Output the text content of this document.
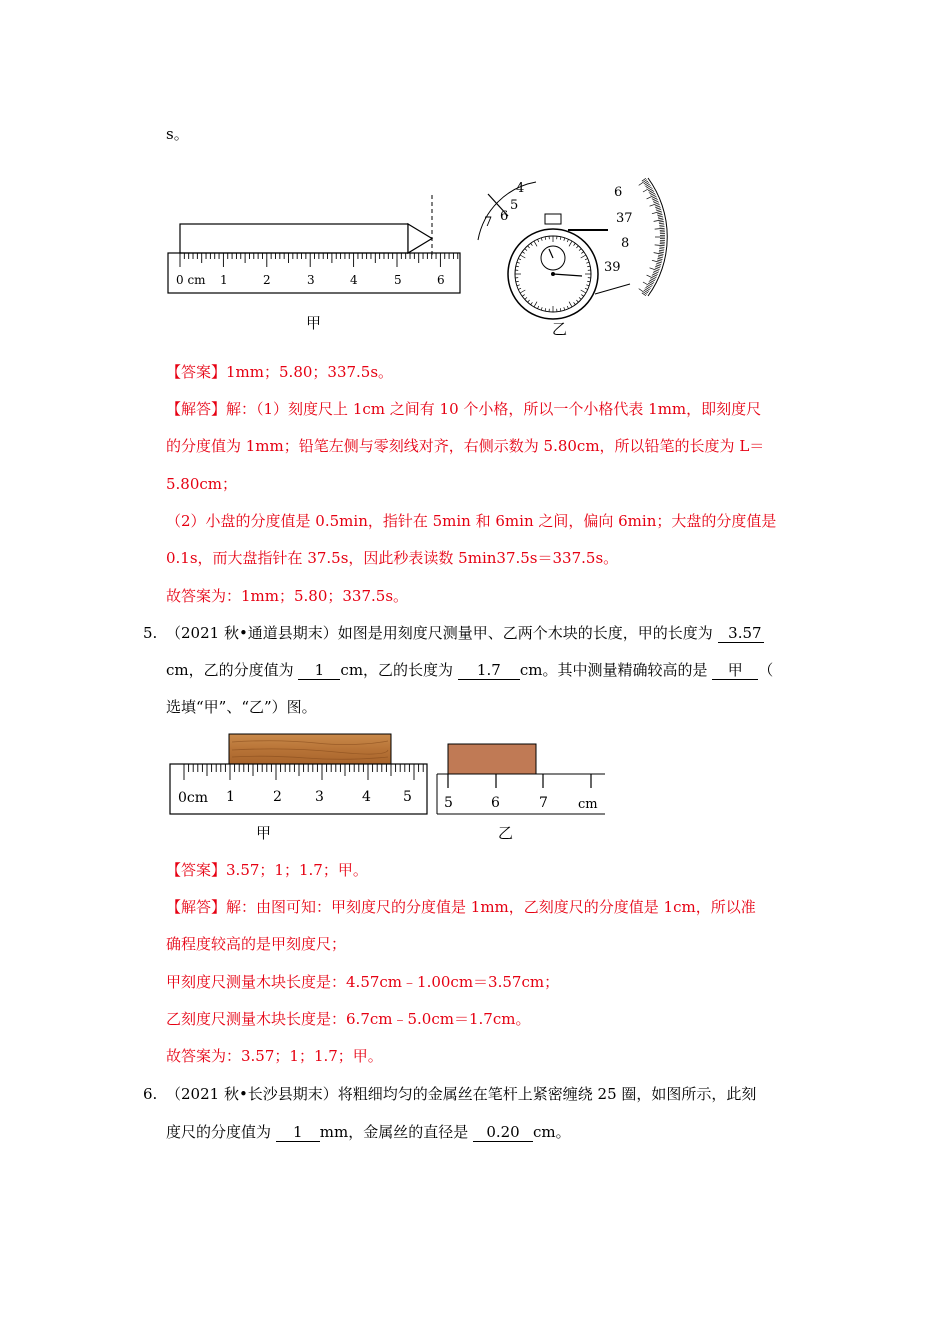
s。
0 cm 1	2	3	4	5	6
甲
4
5
6
7
6
37
8
39
乙
【答案】1mm；5.80；337.5s。
【解答】解：（1）刻度尺上 1cm 之间有 10 个小格，所以一个小格代表 1mm，即刻度尺
的分度值为 1mm；铅笔左侧与零刻线对齐，右侧示数为 5.80cm，所以铅笔的长度为 L＝
5.80cm；
（2）小盘的分度值是 0.5min，指针在 5min 和 6min 之间，偏向 6min；大盘的分度值是
0.1s，而大盘指针在 37.5s，因此秒表读数 5min37.5s＝337.5s。
故答案为：1mm；5.80；337.5s。
5. （2021 秋•通道县期末）如图是用刻度尺测量甲、乙两个木块的长度，甲的长度为 3.57
cm，乙的分度值为 1 cm，乙的长度为 1.7 cm。其中测量精确较高的是 甲 （
选填“甲”、“乙”）图。
0cm 1	2 3	4 5
甲
5	6	7 cm
乙
【答案】3.57；1；1.7；甲。
【解答】解：由图可知：甲刻度尺的分度值是 1mm，乙刻度尺的分度值是 1cm，所以准
确程度较高的是甲刻度尺；
甲刻度尺测量木块长度是：4.57cm﹣1.00cm＝3.57cm；
乙刻度尺测量木块长度是：6.7cm﹣5.0cm＝1.7cm。
故答案为：3.57；1；1.7；甲。
6. （2021 秋•长沙县期末）将粗细均匀的金属丝在笔杆上紧密缠绕 25 圈，如图所示，此刻
度尺的分度值为 1 mm，金属丝的直径是 0.20 cm。
